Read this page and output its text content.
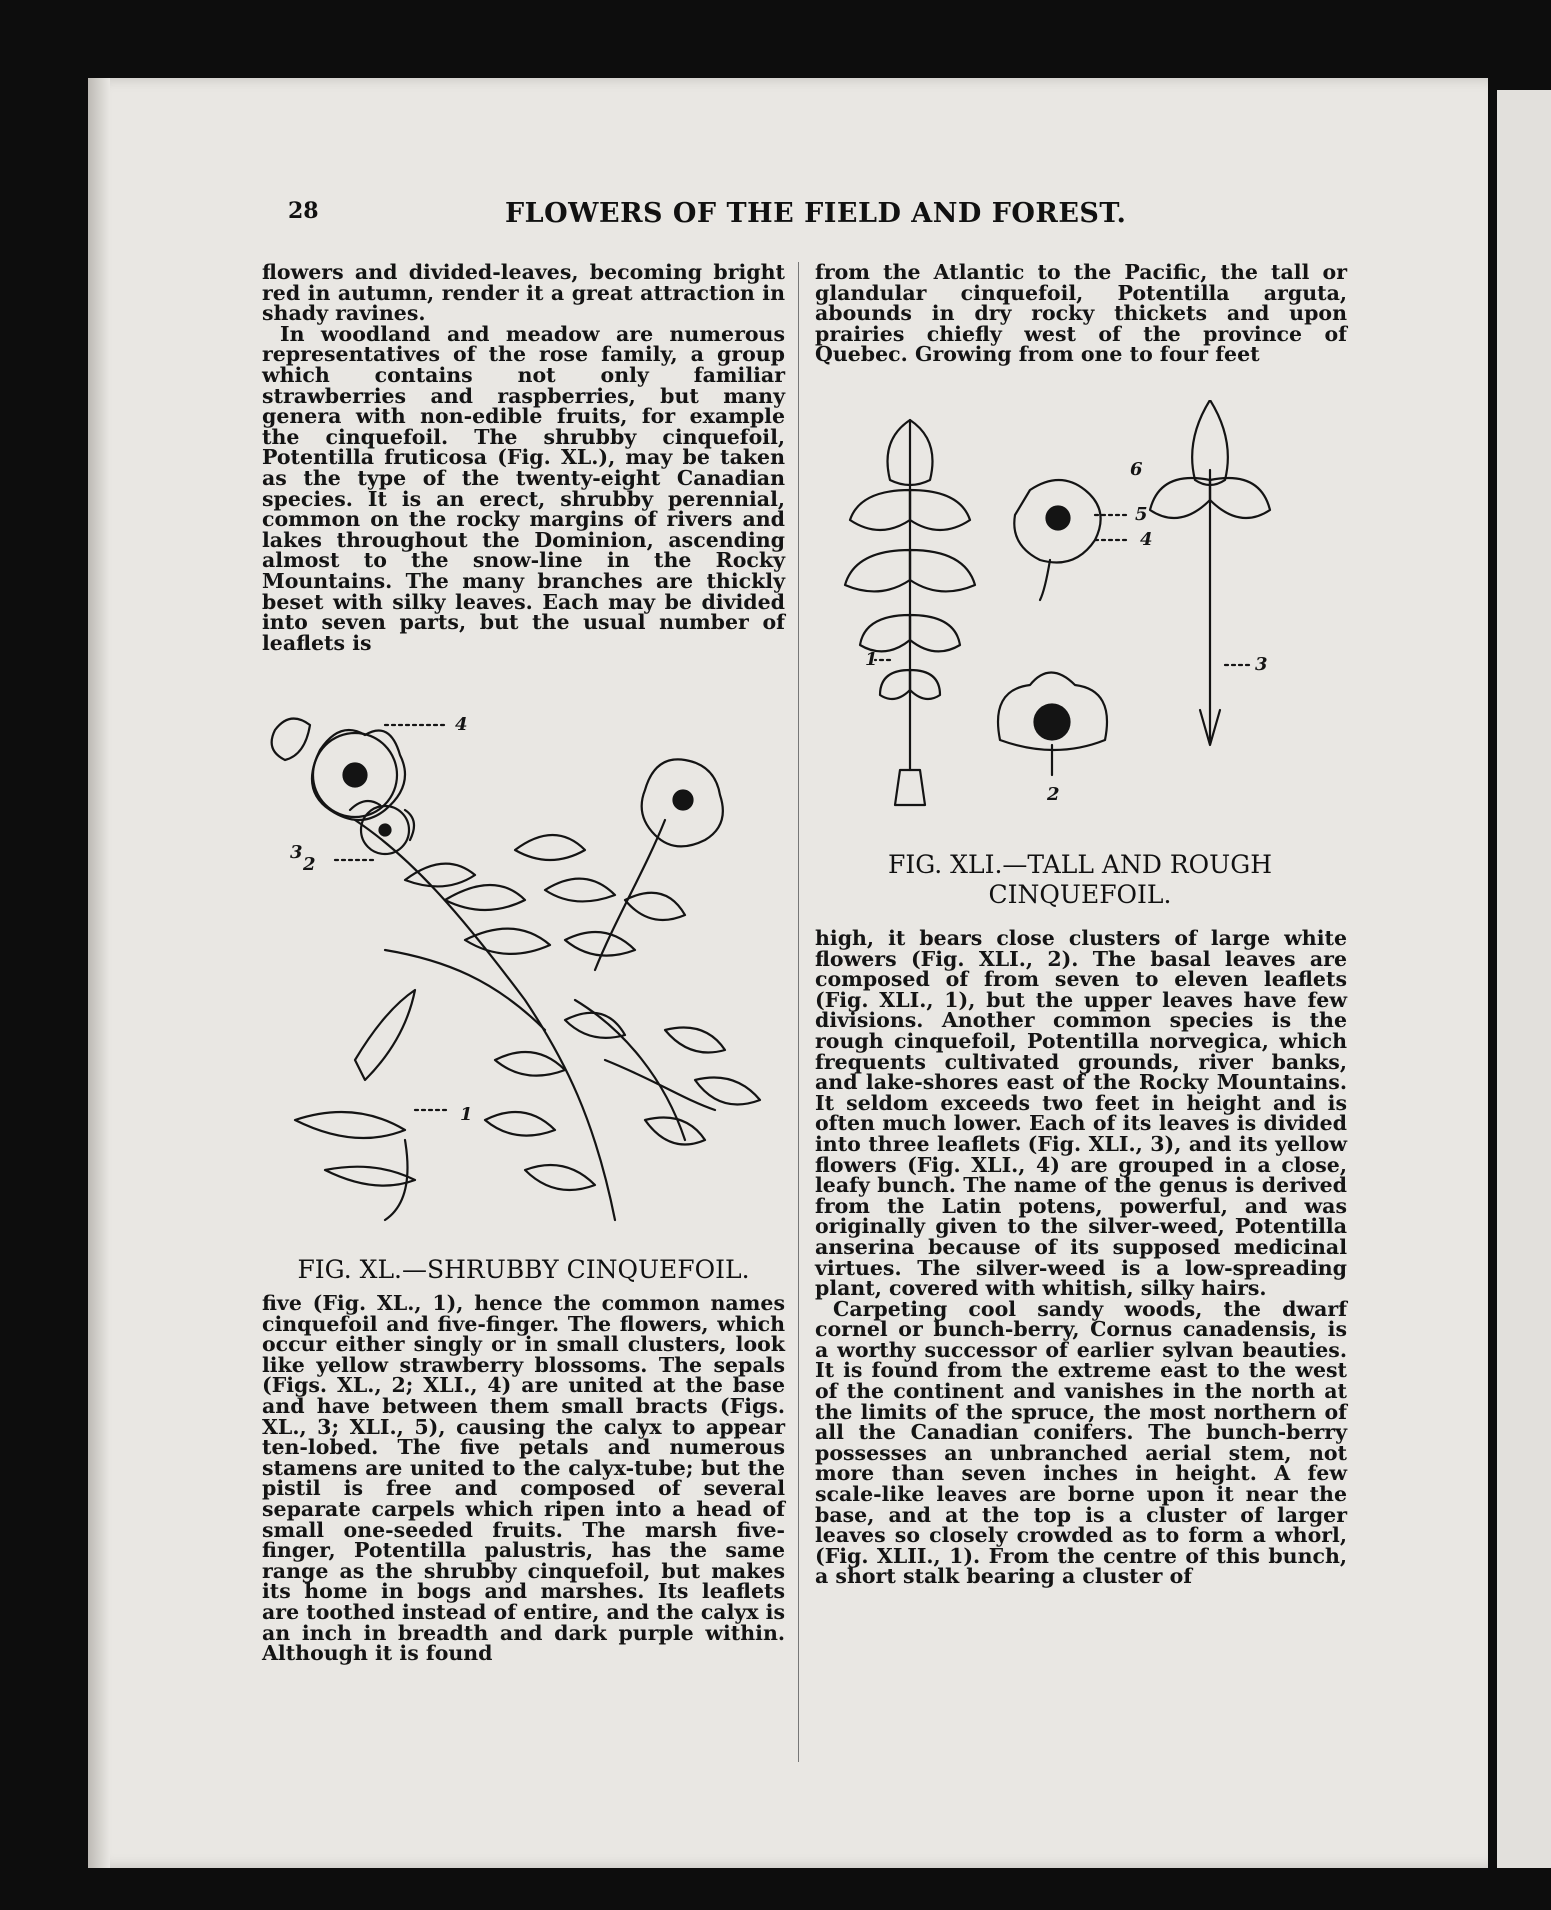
28	FLOWERS OF THE FIELD AND FOREST.

flowers and divided-leaves, becoming bright red in autumn, render it a great attraction in shady ravines.

In woodland and meadow are numerous representatives of the rose family, a group which contains not only familiar strawberries and raspberries, but many genera with non-edible fruits, for example the cinquefoil. The shrubby cinquefoil, Potentilla fruticosa (Fig. XL.), may be taken as the type of the twenty-eight Canadian species. It is an erect, shrubby perennial, common on the rocky margins of rivers and lakes throughout the Dominion, ascending almost to the snow-line in the Rocky Mountains. The many branches are thickly beset with silky leaves. Each may be divided into seven parts, but the usual number of leaflets is

4
3
2
1
FIG. XL.—SHRUBBY CINQUEFOIL.

five (Fig. XL., 1), hence the common names cinquefoil and five-finger. The flowers, which occur either singly or in small clusters, look like yellow strawberry blossoms. The sepals (Figs. XL., 2; XLI., 4) are united at the base and have between them small bracts (Figs. XL., 3; XLI., 5), causing the calyx to appear ten-lobed. The five petals and numerous stamens are united to the calyx-tube; but the pistil is free and composed of several separate carpels which ripen into a head of small one-seeded fruits. The marsh five-finger, Potentilla palustris, has the same range as the shrubby cinquefoil, but makes its home in bogs and marshes. Its leaflets are toothed instead of entire, and the calyx is an inch in breadth and dark purple within. Although it is found

from the Atlantic to the Pacific, the tall or glandular cinquefoil, Potentilla arguta, abounds in dry rocky thickets and upon prairies chiefly west of the province of Quebec. Growing from one to four feet

6
5
4
1	3
2
FIG. XLI.—TALL AND ROUGH CINQUEFOIL.

high, it bears close clusters of large white flowers (Fig. XLI., 2). The basal leaves are composed of from seven to eleven leaflets (Fig. XLI., 1), but the upper leaves have few divisions. Another common species is the rough cinquefoil, Potentilla norvegica, which frequents cultivated grounds, river banks, and lake-shores east of the Rocky Mountains. It seldom exceeds two feet in height and is often much lower. Each of its leaves is divided into three leaflets (Fig. XLI., 3), and its yellow flowers (Fig. XLI., 4) are grouped in a close, leafy bunch. The name of the genus is derived from the Latin potens, powerful, and was originally given to the silver-weed, Potentilla anserina because of its supposed medicinal virtues. The silver-weed is a low-spreading plant, covered with whitish, silky hairs.

Carpeting cool sandy woods, the dwarf cornel or bunch-berry, Cornus canadensis, is a worthy successor of earlier sylvan beauties. It is found from the extreme east to the west of the continent and vanishes in the north at the limits of the spruce, the most northern of all the Canadian conifers. The bunch-berry possesses an unbranched aerial stem, not more than seven inches in height. A few scale-like leaves are borne upon it near the base, and at the top is a cluster of larger leaves so closely crowded as to form a whorl, (Fig. XLII., 1). From the centre of this bunch, a short stalk bearing a cluster of
